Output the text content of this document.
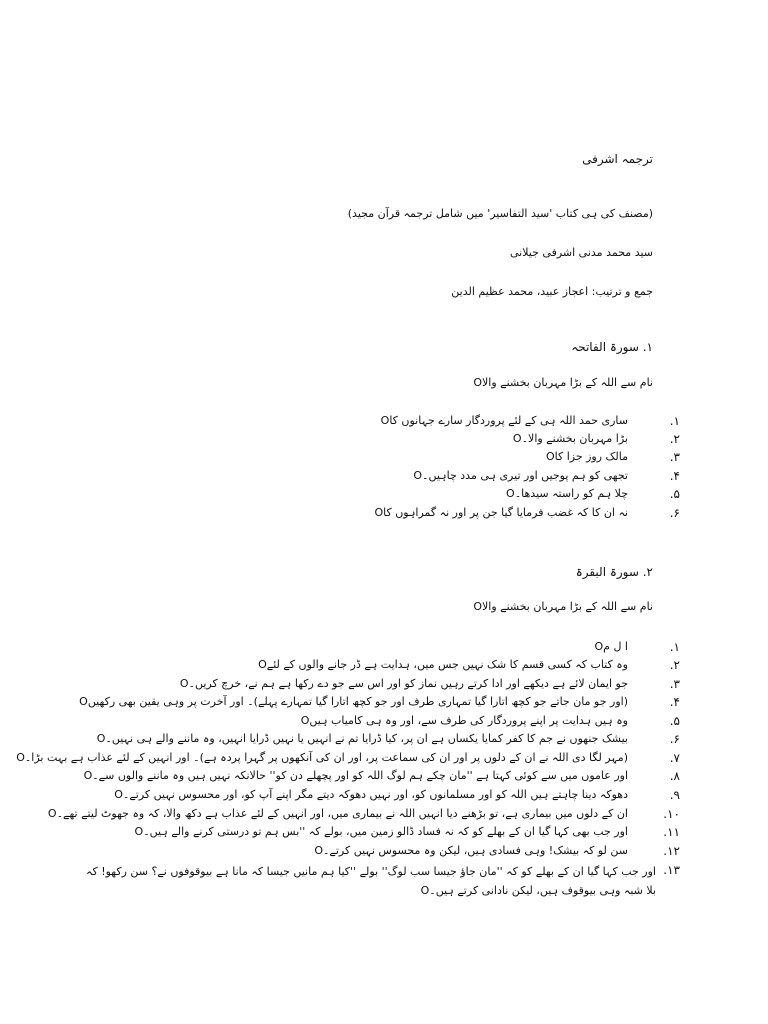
ترجمہ اشرفی
(مصنف کی ہی کتاب 'سید التفاسیر' میں شامل ترجمہ قرآن مجید)
سید محمد مدنی اشرفی جیلانی
جمع و ترتیب: اعجاز عبید، محمد عظیم الدین
۱. سورۃ الفاتحہ
نام سے اللہ کے بڑا مہربان بخشنے والاO
۱.
ساری حمد اللہ ہی کے لئے پروردگار سارے جہانوں کاO
۲.
بڑا مہربان بخشنے والا۔O
۳.
مالک روز جزا کاO
۴.
تجھی کو ہم پوجیں اور تیری ہی مدد چاہیں۔O
۵.
چلا ہم کو راستہ سیدھا۔O
۶.
نہ ان کا کہ غضب فرمایا گیا جن پر اور نہ گمراہوں کاO
۲. سورۃ البقرۃ
نام سے اللہ کے بڑا مہربان بخشنے والاO
۱.
ا ل مO
۲.
وہ کتاب کہ کسی قسم کا شک نہیں جس میں، ہدایت ہے ڈر جانے والوں کے لئےO
۳.
جو ایمان لائے ہے دیکھے اور ادا کرتے رہیں نماز کو اور اس سے جو دے رکھا ہے ہم نے، خرچ کریں۔O
۴.
(اور جو مان جاتے جو کچھ اتارا گیا تمہاری طرف اور جو کچھ اتارا گیا تمہارے پہلے)۔ اور آخرت پر وہی یقین بھی رکھیںO
۵.
وہ ہیں ہدایت پر اپنے پروردگار کی طرف سے، اور وہ ہی کامیاب ہیںO
۶.
بیشک جنھوں نے جم کا کفر کمایا یکساں ہے ان پر، کیا ڈرایا تم نے انہیں یا نہیں ڈرایا انہیں، وہ ماننے والے ہی نہیں۔O
۷.
(مہر لگا دی اللہ نے ان کے دلوں پر اور ان کی سماعت پر، اور ان کی آنکھوں پر گہرا پردہ ہے)۔ اور انہیں کے لئے عذاب ہے بہت بڑا۔O
۸.
اور عاموں میں سے کوئی کہتا ہے ''مان چکے ہم لوگ اللہ کو اور پچھلے دن کو'' حالانکہ نہیں ہیں وہ ماننے والوں سے۔O
۹.
دھوکہ دینا چاہتے ہیں اللہ کو اور مسلمانوں کو، اور نہیں دھوکہ دیتے مگر اپنے آپ کو، اور محسوس نہیں کرتے۔O
۱۰.
ان کے دلوں میں بیماری ہے، تو بڑھنے دیا انہیں اللہ نے بیماری میں، اور انہیں کے لئے عذاب ہے دکھ والا، کہ وہ جھوٹ لیتے تھے۔O
۱۱.
اور جب بھی کہا گیا ان کے بھلے کو کہ نہ فساد ڈالو زمین میں، بولے کہ ''بس ہم تو درستی کرنے والے ہیں۔O
۱۲.
سن لو کہ بیشک! وہی فسادی ہیں، لیکن وہ محسوس نہیں کرتے۔O
۱۳.
اور جب کہا گیا ان کے بھلے کو کہ ''مان جاؤ جیسا سب لوگ'' بولے ''کیا ہم مانیں جیسا کہ مانا ہے بیوقوفوں نے؟ سن رکھو! کہ بلا شبہ وہی بیوقوف ہیں، لیکن نادانی کرتے ہیں۔O
